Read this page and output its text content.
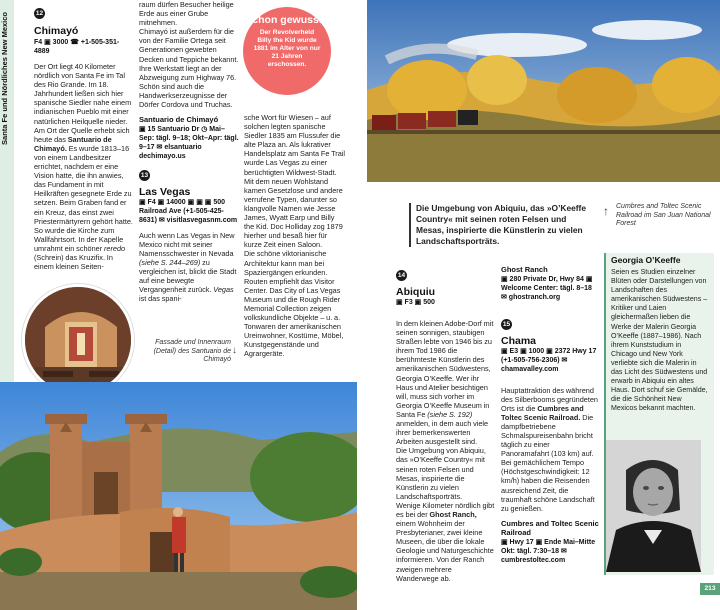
Santa Fe und Nördliches New Mexico	12
Chimayó
F4 ▣ 3000 ☎ +1-505-351-4889
Der Ort liegt 40 Kilometer nördlich von Santa Fe im Tal des Rio Grande. Im 18. Jahrhundert ließen sich hier spanische Siedler nahe einem indianischen Pueblo mit einer natürlichen Heilquelle nieder. Am Ort der Quelle erhebt sich heute das Santuario de Chimayó. Es wurde 1813–16 von einem Landbesitzer errichtet, nachdem er eine Vision hatte, die ihn anwies, das Fundament in mit Heilkräften gesegnete Erde zu setzen. Beim Graben fand er ein Kreuz, das einst zwei Priestermärtyrern gehört hatte. So wurde die Kirche zum Wallfahrtsort. In der Kapelle umrahmt ein schöner reredo (Schrein) das Kruzifix. In einem kleinen Seiten-
raum dürfen Besucher heilige Erde aus einer Grube mitnehmen.
Chimayó ist außerdem für die von der Familie Ortega seit Generationen gewebten Decken und Teppiche bekannt. Ihre Werkstatt liegt an der Abzweigung zum Highway 76. Schön sind auch die Handwerkserzeugnisse der Dörfer Cordova und Truchas.
Santuario de Chimayó
▣ 15 Santuario Dr ◷ Mai–Sep: tägl. 9–18; Okt–Apr: tägl. 9–17 ✉ elsantuario dechimayo.us
13
Las Vegas
▣ F4 ▣ 14000 ▣ ▣ ▣ 500 Railroad Ave (+1-505-425-8631) ✉ visitlasvegasnm.com
Auch wenn Las Vegas in New Mexico nicht mit seiner Namensschwester in Nevada (siehe S. 244–269) zu vergleichen ist, blickt die Stadt auf eine bewegte Vergangenheit zurück. Vegas ist das spani-
Fassade und Innenraum (Detail) des Santuario de Chimayó
↓
Schon gewusst?
Der Revolverheld Billy the Kid wurde 1881 im Alter von nur 21 Jahren erschossen.
sche Wort für Wiesen – auf solchen legten spanische Siedler 1835 am Flussufer die alte Plaza an. Als lukrativer Handelsplatz am Santa Fe Trail wurde Las Vegas zu einer berüchtigten Wildwest-Stadt. Mit dem neuen Wohlstand kamen Gesetzlose und andere verrufene Typen, darunter so klangvolle Namen wie Jesse James, Wyatt Earp und Billy the Kid. Doc Holliday zog 1879 hierher und besaß hier für kurze Zeit einen Saloon.
Die schöne viktorianische Architektur kann man bei Spaziergängen erkunden. Routen empfiehlt das Visitor Center. Das City of Las Vegas Museum und die Rough Rider Memorial Collection zeigen volkskundliche Objekte – u. a. Tonwaren der amerikanischen Ureinwohner, Kostüme, Möbel, Kunstgegenstände und Agrargeräte.
Die Umgebung von Abiquiu, das »O’Keeffe Country« mit seinen roten Felsen und Mesas, inspirierte die Künstlerin zu vielen Landschaftsporträts.
↑	Cumbres and Toltec Scenic Railroad im San Juan National Forest
14
Abiquiu
▣ F3 ▣ 500
In dem kleinen Adobe-Dorf mit seinen sonnigen, staubigen Straßen lebte von 1946 bis zu ihrem Tod 1986 die berühmteste Künstlerin des amerikanischen Südwestens, Georgia O’Keeffe. Wer ihr Haus und Atelier besichtigen will, muss sich vorher im Georgia O’Keeffe Museum in Santa Fe (siehe S. 192) anmelden, in dem auch viele ihrer bemerkenswerten Arbeiten ausgestellt sind.
Die Umgebung von Abiquiu, das »O’Keeffe Country« mit seinen roten Felsen und Mesas, inspirierte die Künstlerin zu vielen Landschaftsporträts.
Wenige Kilometer nördlich gibt es bei der Ghost Ranch, einem Wohnheim der Presbyterianer, zwei kleine Museen, die über die lokale Geologie und Naturgeschichte informieren. Von der Ranch zweigen mehrere Wanderwege ab.
Ghost Ranch
▣ 280 Private Dr, Hwy 84 ▣ Welcome Center: tägl. 8–18 ✉ ghostranch.org
15
Chama
▣ E3 ▣ 1000 ▣ 2372 Hwy 17 (+1-505-756-2306) ✉ chamavalley.com
Hauptattraktion des während des Silberbooms gegründeten Orts ist die Cumbres and Toltec Scenic Railroad. Die dampfbetriebene Schmalspureisenbahn bricht täglich zu einer Panoramafahrt (103 km) auf.
Bei gemächlichem Tempo (Höchstgeschwindigkeit: 12 km/h) haben die Reisenden ausreichend Zeit, die traumhaft schöne Landschaft zu genießen.
Cumbres and Toltec Scenic Railroad
▣ Hwy 17 ▣ Ende Mai–Mitte Okt: tägl. 7:30–18 ✉ cumbrestoltec.com
Georgia O’Keeffe
Seien es Studien einzelner Blüten oder Darstellungen von Landschaften des amerikanischen Südwestens – Kritiker und Laien gleichermaßen lieben die Werke der Malerin Georgia O’Keeffe (1887–1986). Nach ihrem Kunststudium in Chicago und New York verliebte sich die Malerin in das Licht des Südwestens und erwarb in Abiquiu ein altes Haus. Dort schuf sie Gemälde, die die Schönheit New Mexicos bekannt machten.
213
